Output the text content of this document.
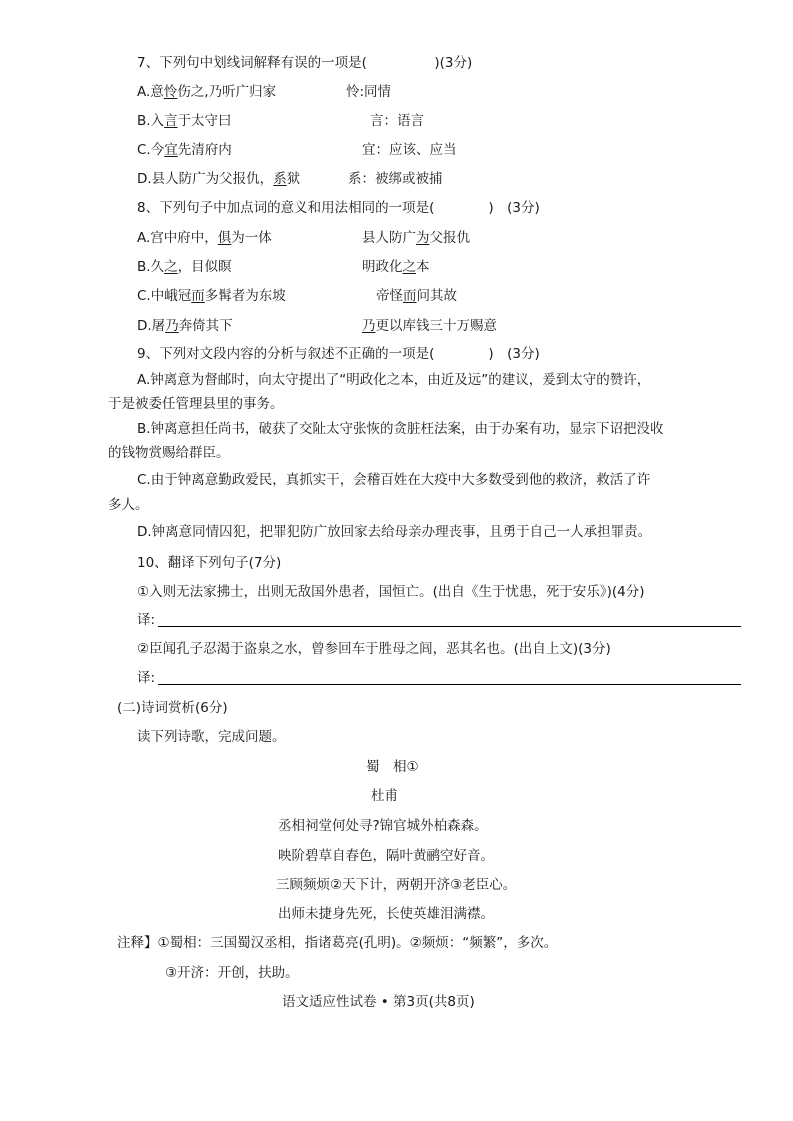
7、下列句中划线词解释有误的一项是(　　　　　)(3分)
A.意怜伤之,乃听广归家	怜:同情
B.入言于太守曰	言：语言
C.今宜先清府内	宜：应该、应当
D.县人防广为父报仇，系狱	系：被绑或被捕
8、下列句子中加点词的意义和用法相同的一项是(　　　　)　(3分)
A.宫中府中，俱为一体	县人防广为父报仇
B.久之，目似瞑	明政化之本
C.中峨冠而多髯者为东坡	帝怪而问其故
D.屠乃奔倚其下	乃更以库钱三十万赐意
9、下列对文段内容的分析与叙述不正确的一项是(　　　　)　(3分)
A.钟离意为督邮时，向太守提出了“明政化之本，由近及远”的建议，爰到太守的赞许，
于是被委任管理县里的事务。
B.钟离意担任尚书，破获了交阯太守张恢的贪脏枉法案，由于办案有功，显宗下诏把没收
的钱物赏赐给群臣。
C.由于钟离意勤政爱民，真抓实干，会稽百姓在大疫中大多数受到他的救济，救活了许
多人。
D.钟离意同情囚犯，把罪犯防广放回家去给母亲办理丧事，且勇于自己一人承担罪责。
10、翻译下列句子(7分)
①入则无法家拂士，出则无敌国外患者，国恒亡。(出自《生于忧患，死于安乐》)(4分)
译:
②臣闻孔子忍渴于盗泉之水，曾参回车于胜母之闾，恶其名也。(出自上文)(3分)
译:
(二)诗词赏析(6分)
读下列诗歌，完成问题。
蜀　相①
杜甫
丞相祠堂何处寻?锦官城外柏森森。
映阶碧草自春色，隔叶黄鹂空好音。
三顾频烦②天下计，两朝开济③老臣心。
出师未捷身先死，长使英雄泪满襟。
注释】①蜀相：三国蜀汉丞相，指诸葛亮(孔明)。②频烦：“频繁”，多次。
③开济：开创，扶助。
语文适应性试卷 • 第3页(共8页)
